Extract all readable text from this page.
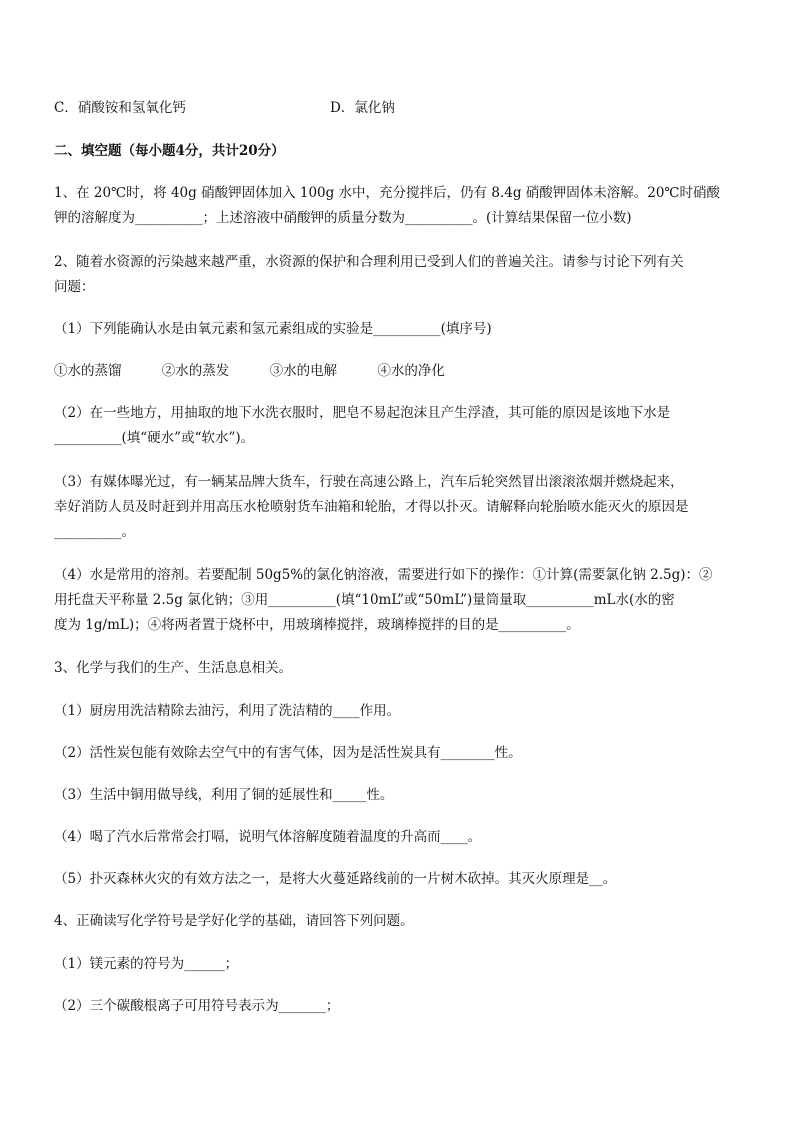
C．硝酸铵和氢氧化钙	D．氯化钠
二、填空题（每小题4分，共计20分）
1、在 20℃时，将 40g 硝酸钾固体加入 100g 水中，充分搅拌后，仍有 8.4g 硝酸钾固体未溶解。20℃时硝酸
钾的溶解度为__________；上述溶液中硝酸钾的质量分数为__________。(计算结果保留一位小数)
2、随着水资源的污染越来越严重，水资源的保护和合理利用已受到人们的普遍关注。请参与讨论下列有关
问题：
（1）下列能确认水是由氧元素和氢元素组成的实验是__________(填序号)
①水的蒸馏	②水的蒸发	③水的电解	④水的净化
（2）在一些地方，用抽取的地下水洗衣服时，肥皂不易起泡沫且产生浮渣，其可能的原因是该地下水是
__________(填“硬水”或“软水”)。
（3）有媒体曝光过，有一辆某品牌大货车，行驶在高速公路上，汽车后轮突然冒出滚滚浓烟并燃烧起来，
幸好消防人员及时赶到并用高压水枪喷射货车油箱和轮胎，才得以扑灭。请解释向轮胎喷水能灭火的原因是
__________。
（4）水是常用的溶剂。若要配制 50g5%的氯化钠溶液，需要进行如下的操作：①计算(需要氯化钠 2.5g)：②
用托盘天平称量 2.5g 氯化钠；③用__________(填“10mL”或“50mL”)量筒量取__________mL水(水的密
度为 1g/mL)；④将两者置于烧杯中，用玻璃棒搅拌，玻璃棒搅拌的目的是__________。
3、化学与我们的生产、生活息息相关。
（1）厨房用洗洁精除去油污，利用了洗洁精的____作用。
（2）活性炭包能有效除去空气中的有害气体，因为是活性炭具有________性。
（3）生活中铜用做导线，利用了铜的延展性和_____性。
（4）喝了汽水后常常会打嗝，说明气体溶解度随着温度的升高而____。
（5）扑灭森林火灾的有效方法之一，是将大火蔓延路线前的一片树木砍掉。其灭火原理是__。
4、正确读写化学符号是学好化学的基础，请回答下列问题。
（1）镁元素的符号为______；
（2）三个碳酸根离子可用符号表示为_______；
